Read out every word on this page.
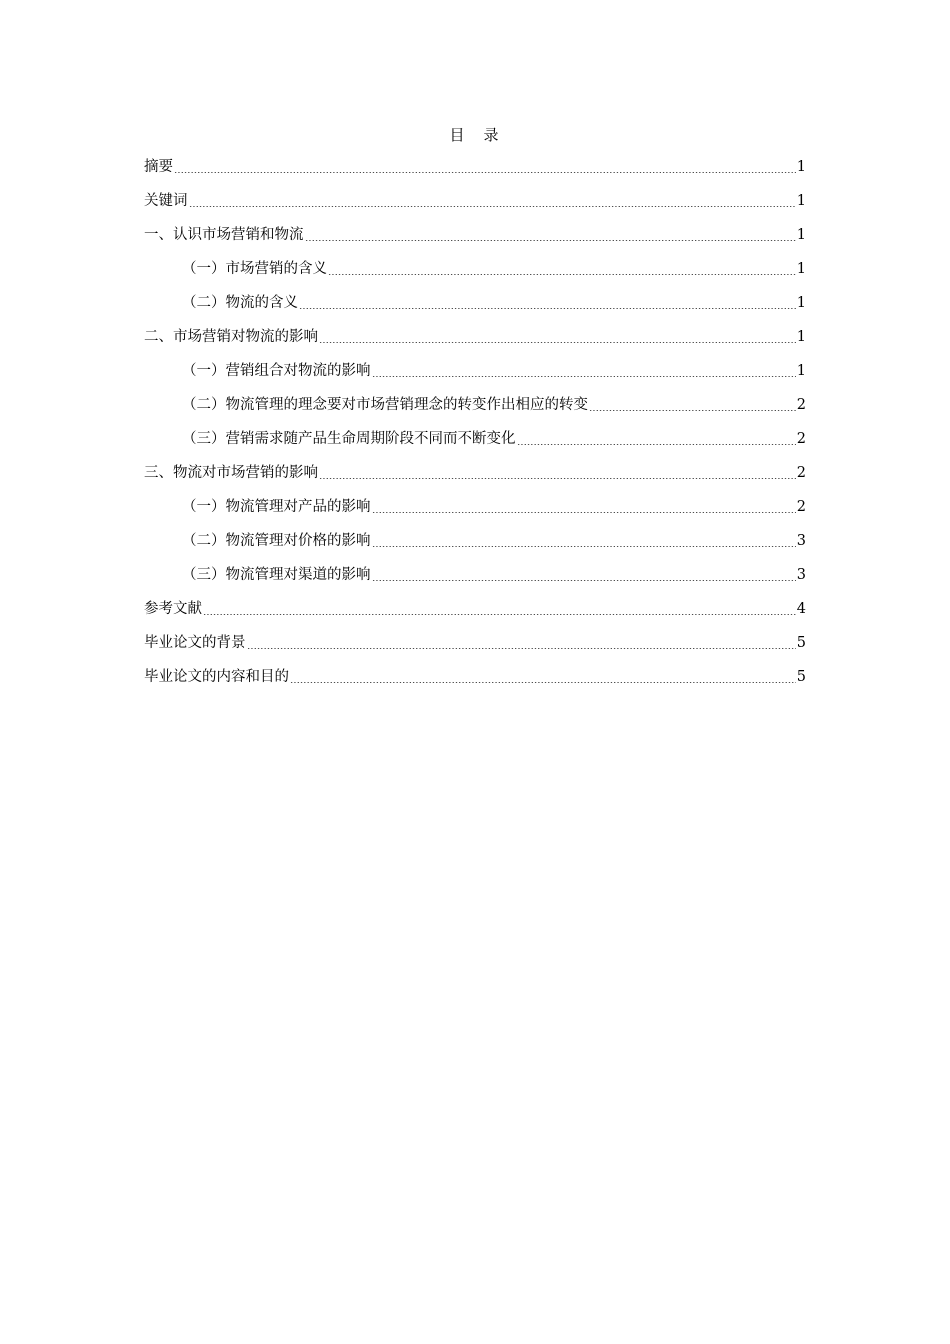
目　录
摘要	1
关键词	1
一、认识市场营销和物流	1
（一）市场营销的含义	1
（二）物流的含义	1
二、市场营销对物流的影响	1
（一）营销组合对物流的影响	1
（二）物流管理的理念要对市场营销理念的转变作出相应的转变	2
（三）营销需求随产品生命周期阶段不同而不断变化	2
三、物流对市场营销的影响	2
（一）物流管理对产品的影响	2
（二）物流管理对价格的影响	3
（三）物流管理对渠道的影响	3
参考文献	4
毕业论文的背景	5
毕业论文的内容和目的	5
